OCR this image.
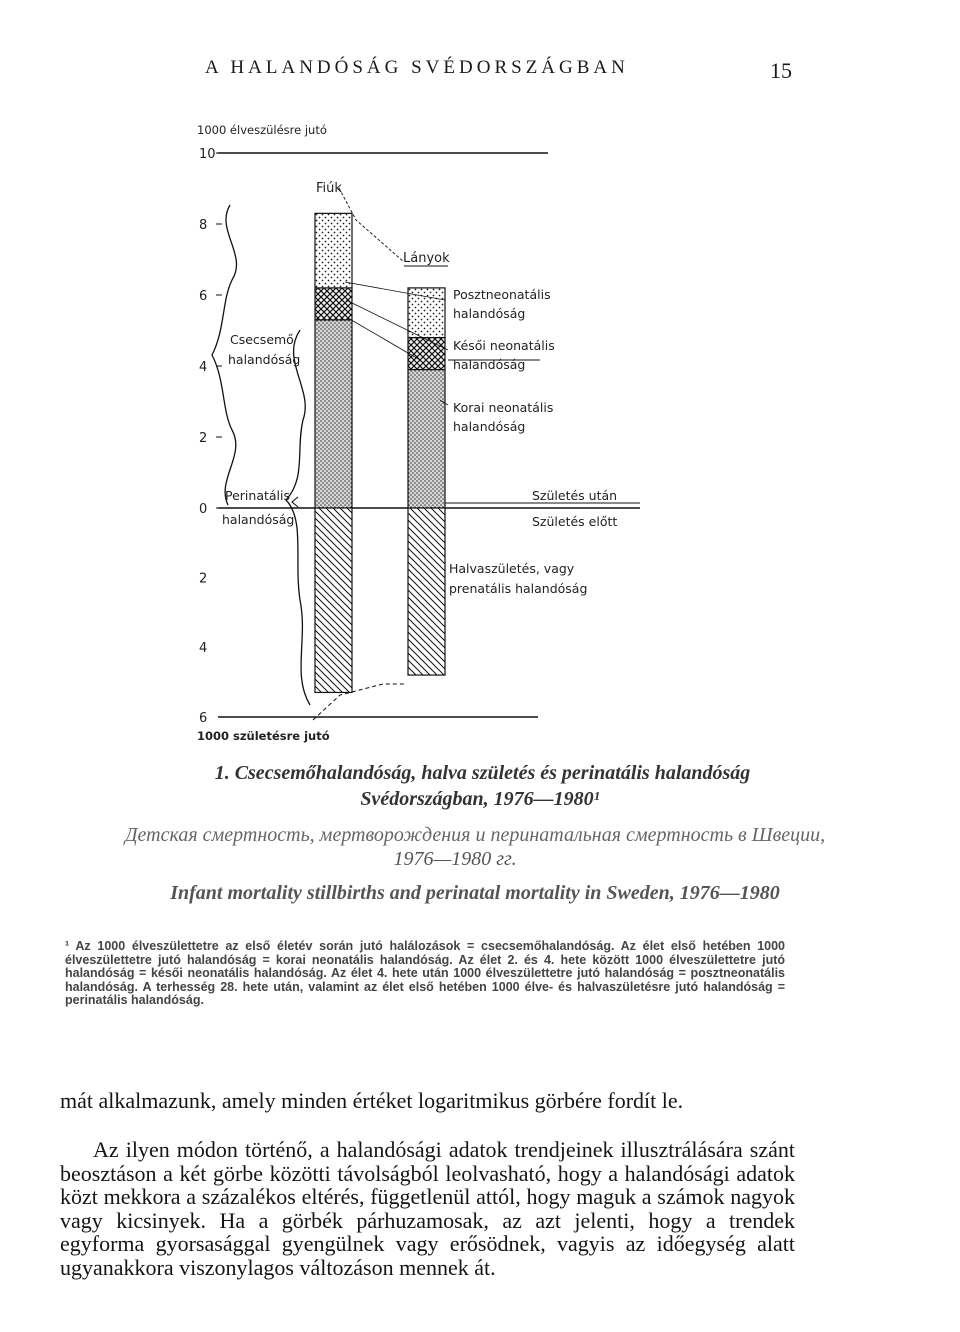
A HALANDÓSÁG SVÉDORSZÁGBAN	15
1000 élveszülésre jutó
1000 születésre jutó
10
8
6
4
2
0
2
4
6
Fiúk
Lányok
Csecsemő
halandóság
Perinatális
halandóság
Posztneonatális
halandóság
Késői neonatális
halandóság
Korai neonatális
halandóság
Születés után
Születés előtt
Halvaszületés, vagy
prenatális halandóság
1. Csecsemőhalandóság, halva születés és perinatális halandóság
Svédországban, 1976—1980¹
Детская смертность, мертворождения и перинатальная смертность в Швеции,
1976—1980 гг.
Infant mortality stillbirths and perinatal mortality in Sweden, 1976—1980
¹ Az 1000 élveszülettetre az első életév során jutó halálozások = csecsemőhalandóság. Az élet első hetében 1000 élveszülettetre jutó halandóság = korai neonatális halandóság. Az élet 2. és 4. hete között 1000 élveszülettetre jutó halandóság = késői neonatális halandóság. Az élet 4. hete után 1000 élveszülettetre jutó halandóság = posztneonatális halandóság. A terhesség 28. hete után, valamint az élet első hetében 1000 élve- és halvaszületésre jutó halandóság = perinatális halandóság.
mát alkalmazunk, amely minden értéket logaritmikus görbére fordít le.
Az ilyen módon történő, a halandósági adatok trendjeinek illusztrálására szánt beosztáson a két görbe közötti távolságból leolvasható, hogy a halandósági adatok közt mekkora a százalékos eltérés, függetlenül attól, hogy maguk a számok nagyok vagy kicsinyek. Ha a görbék párhuzamosak, az azt jelenti, hogy a trendek egyforma gyorsasággal gyengülnek vagy erősödnek, vagyis az időegység alatt ugyanakkora viszonylagos változáson mennek át.
